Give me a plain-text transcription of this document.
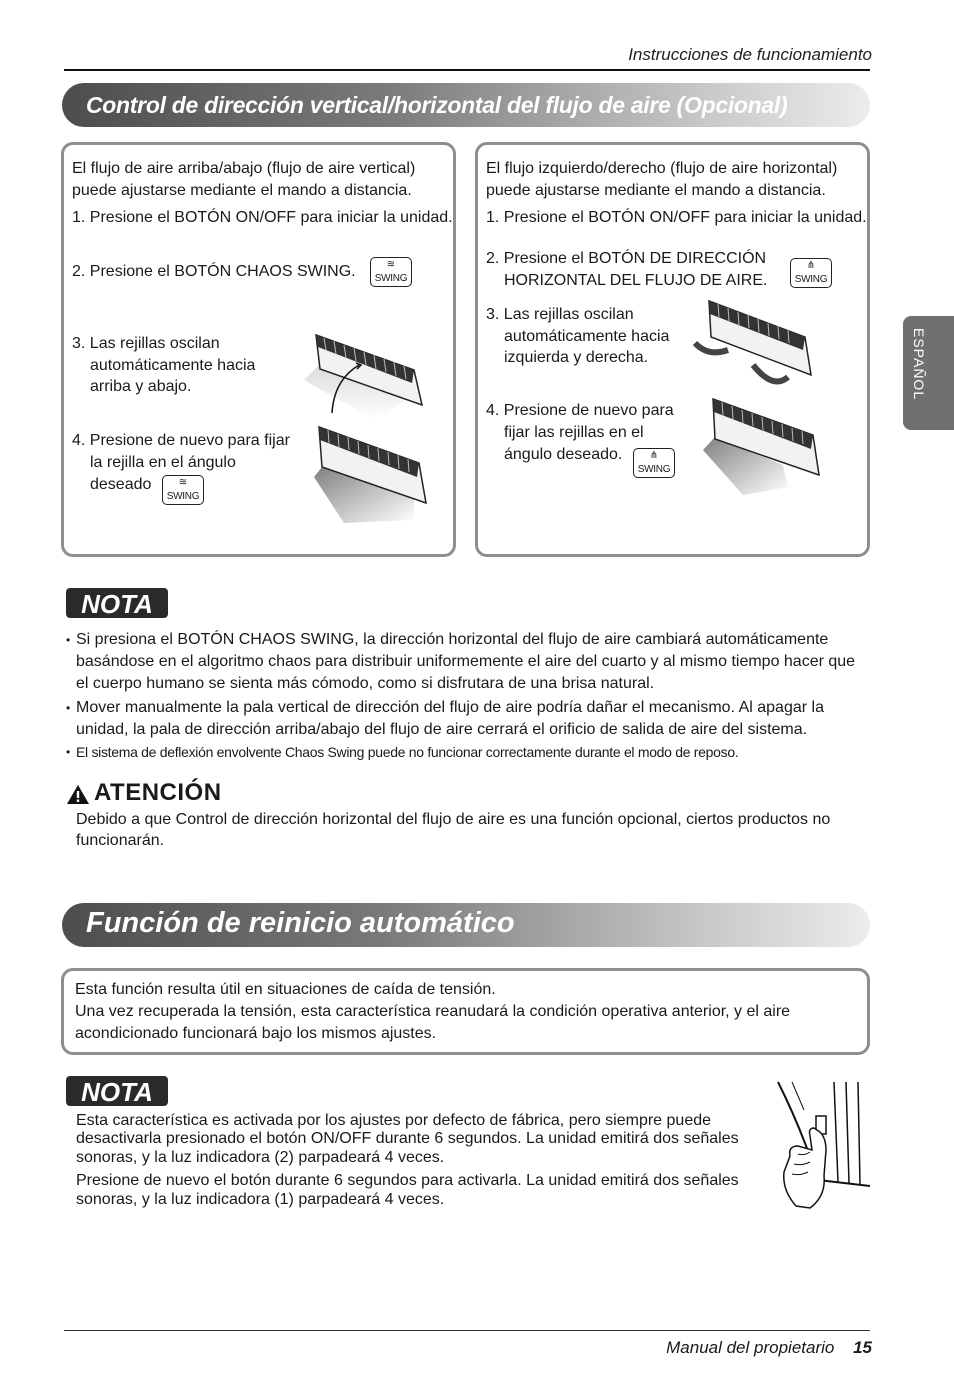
Instrucciones de funcionamiento
ESPAÑOL
Control de dirección vertical/horizontal del flujo de aire (Opcional)
El flujo de aire arriba/abajo (flujo de aire vertical)
puede ajustarse mediante el mando a distancia.
1. Presione el BOTÓN ON/OFF para iniciar la unidad.
2. Presione el BOTÓN CHAOS SWING.	≋
SWING
3. Las rejillas oscilan
automáticamente hacia
arriba y abajo.
4. Presione de nuevo para fijar
la rejilla en el ángulo
deseado	≋
SWING
El flujo izquierdo/derecho (flujo de aire horizontal)
puede ajustarse mediante el mando a distancia.
1. Presione el BOTÓN ON/OFF para iniciar la unidad.
2. Presione el BOTÓN DE DIRECCIÓN
HORIZONTAL DEL FLUJO DE AIRE.
⋔
SWING
3. Las rejillas oscilan
automáticamente hacia
izquierda y derecha.
4. Presione de nuevo para
fijar las rejillas en el
ángulo deseado.	⋔
SWING
NOTA
• Si presiona el BOTÓN CHAOS SWING, la dirección horizontal del flujo de aire cambiará automáticamente
basándose en el algoritmo chaos para distribuir uniformemente el aire del cuarto y al mismo tiempo hacer que
el cuerpo humano se sienta más cómodo, como si disfrutara de una brisa natural.
• Mover manualmente la pala vertical de dirección del flujo de aire podría dañar el mecanismo. Al apagar la
unidad, la pala de dirección arriba/abajo del flujo de aire cerrará el orificio de salida de aire del sistema.
• El sistema de deflexión envolvente Chaos Swing puede no funcionar correctamente durante el modo de reposo.
ATENCIÓN
Debido a que Control de dirección horizontal del flujo de aire es una función opcional, ciertos productos no
funcionarán.
Función de reinicio automático
Esta función resulta útil en situaciones de caída de tensión.
Una vez recuperada la tensión, esta característica reanudará la condición operativa anterior, y el aire
acondicionado funcionará bajo los mismos ajustes.
NOTA
Esta característica es activada por los ajustes por defecto de fábrica, pero siempre puede
desactivarla presionado el botón ON/OFF durante 6 segundos. La unidad emitirá dos señales
sonoras, y la luz indicadora (2) parpadeará 4 veces.
Presione de nuevo el botón durante 6 segundos para activarla. La unidad emitirá dos señales
sonoras, y la luz indicadora (1) parpadeará 4 veces.
Manual del propietario 15
